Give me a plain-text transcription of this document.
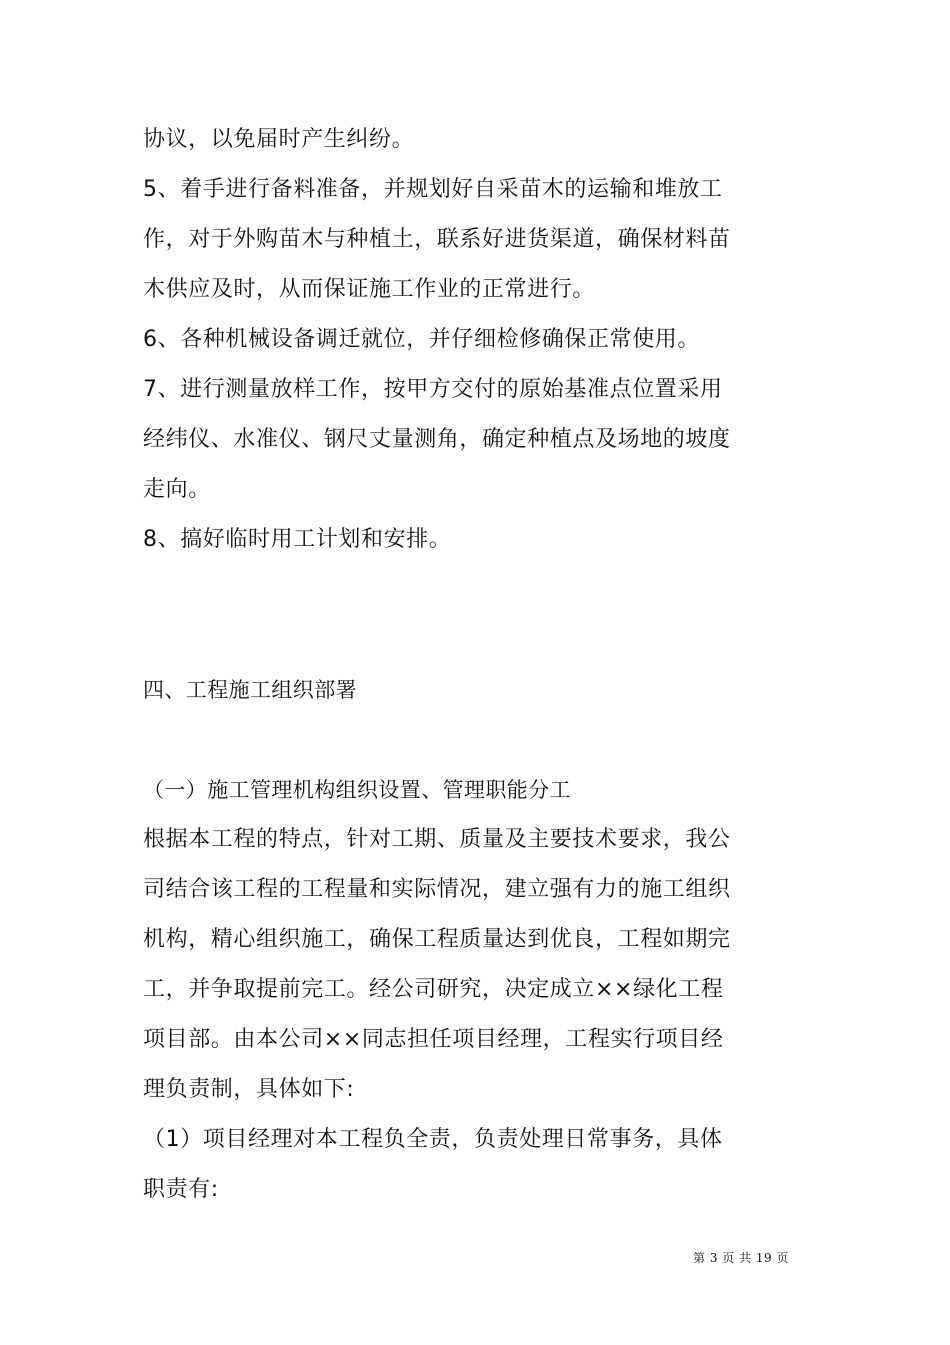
协议，以免届时产生纠纷。
5、着手进行备料准备，并规划好自采苗木的运输和堆放工
作，对于外购苗木与种植土，联系好进货渠道，确保材料苗
木供应及时，从而保证施工作业的正常进行。
6、各种机械设备调迁就位，并仔细检修确保正常使用。
7、进行测量放样工作，按甲方交付的原始基准点位置采用
经纬仪、水准仪、钢尺丈量测角，确定种植点及场地的坡度
走向。
8、搞好临时用工计划和安排。
四、工程施工组织部署
（一）施工管理机构组织设置、管理职能分工
根据本工程的特点，针对工期、质量及主要技术要求，我公
司结合该工程的工程量和实际情况，建立强有力的施工组织
机构，精心组织施工，确保工程质量达到优良，工程如期完
工，并争取提前完工。经公司研究，决定成立××绿化工程
项目部。由本公司××同志担任项目经理，工程实行项目经
理负责制，具体如下:
（1）项目经理对本工程负全责，负责处理日常事务，具体
职责有:
第 3 页 共 19 页
